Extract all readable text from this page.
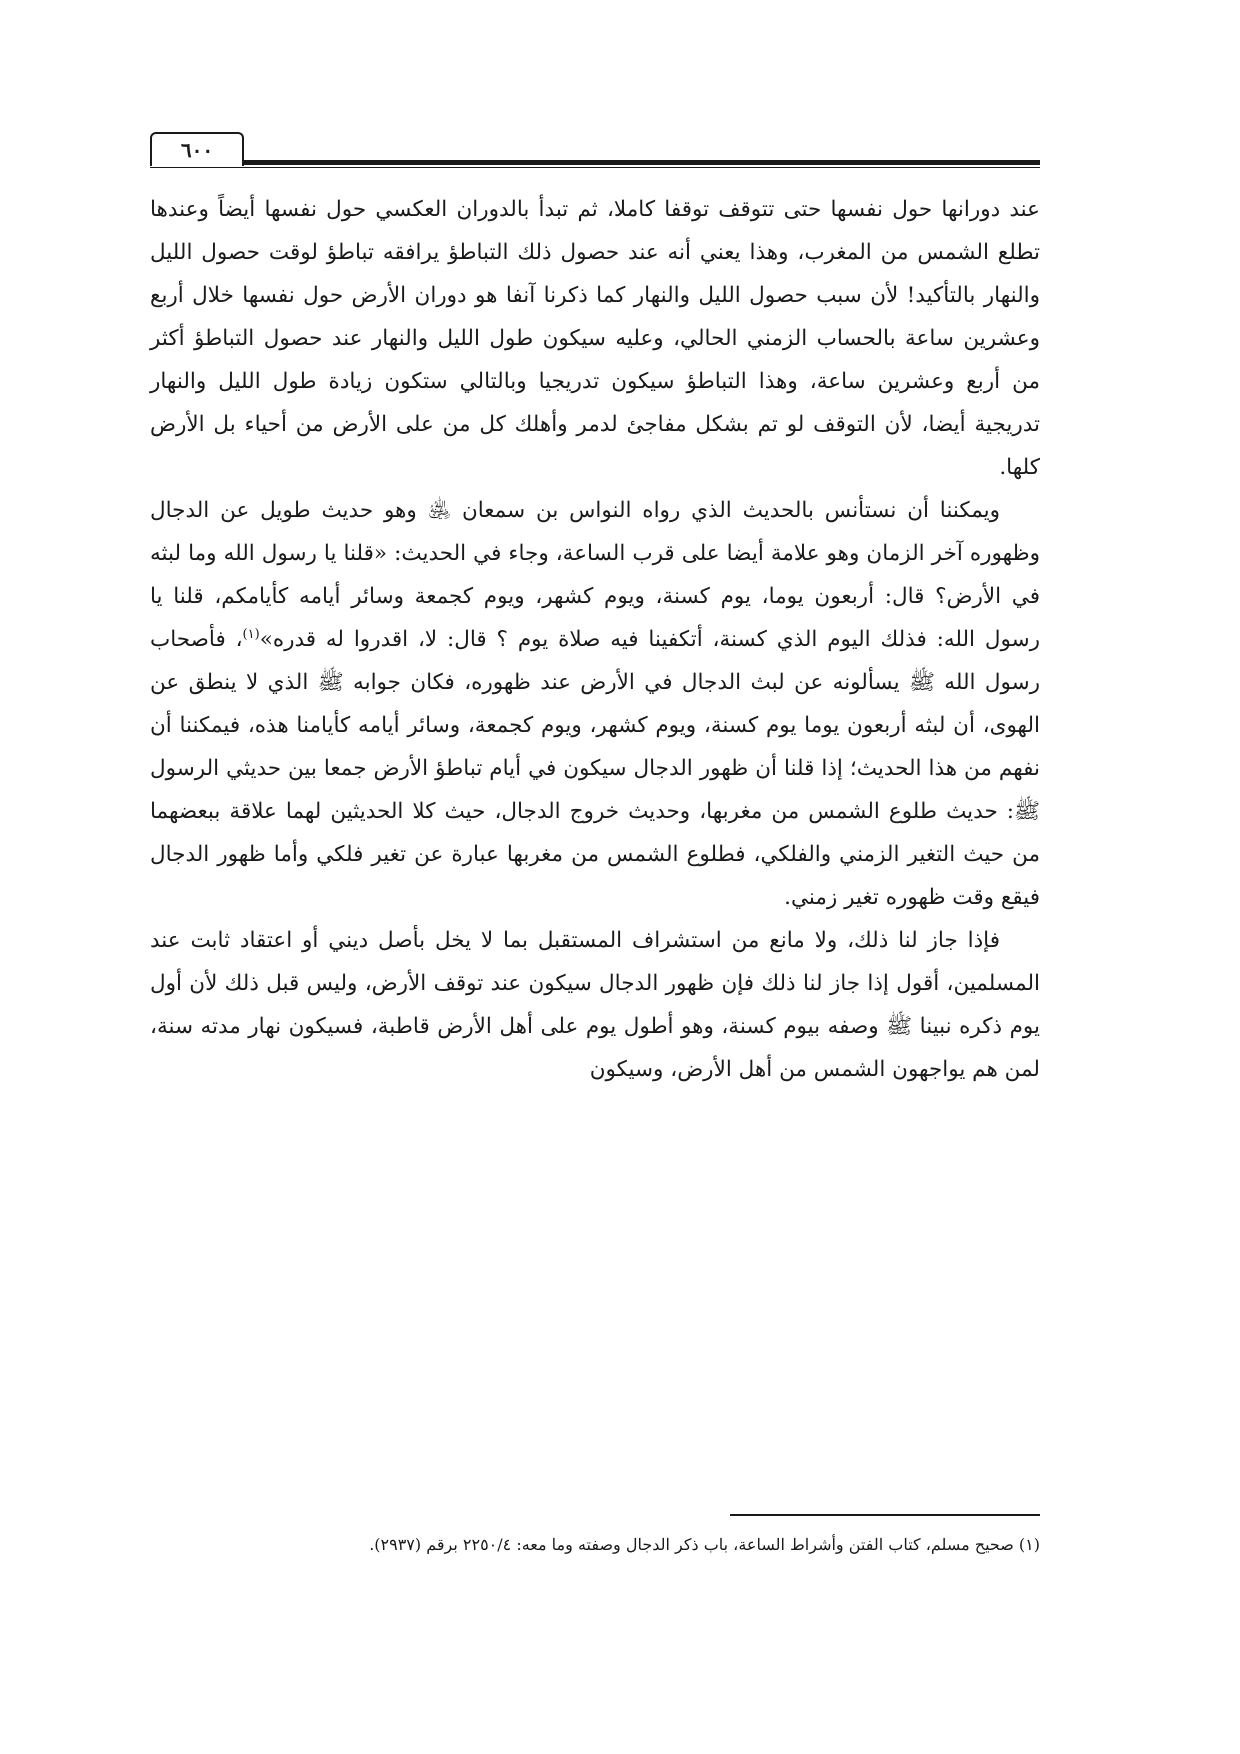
٦٠٠

عند دورانها حول نفسها حتى تتوقف توقفا كاملا، ثم تبدأ بالدوران العكسي حول نفسها أيضاً وعندها تطلع الشمس من المغرب، وهذا يعني أنه عند حصول ذلك التباطؤ يرافقه تباطؤ لوقت حصول الليل والنهار بالتأكيد! لأن سبب حصول الليل والنهار كما ذكرنا آنفا هو دوران الأرض حول نفسها خلال أربع وعشرين ساعة بالحساب الزمني الحالي، وعليه سيكون طول الليل والنهار عند حصول التباطؤ أكثر من أربع وعشرين ساعة، وهذا التباطؤ سيكون تدريجيا وبالتالي ستكون زيادة طول الليل والنهار تدريجية أيضا، لأن التوقف لو تم بشكل مفاجئ لدمر وأهلك كل من على الأرض من أحياء بل الأرض كلها.

ويمكننا أن نستأنس بالحديث الذي رواه النواس بن سمعان ﵁ وهو حديث طويل عن الدجال وظهوره آخر الزمان وهو علامة أيضا على قرب الساعة، وجاء في الحديث: «قلنا يا رسول الله وما لبثه في الأرض؟ قال: أربعون يوما، يوم كسنة، ويوم كشهر، ويوم كجمعة وسائر أيامه كأيامكم، قلنا يا رسول الله: فذلك اليوم الذي كسنة، أتكفينا فيه صلاة يوم ؟ قال: لا، اقدروا له قدره»$^{(١)}$، فأصحاب رسول الله ﷺ يسألونه عن لبث الدجال في الأرض عند ظهوره، فكان جوابه ﷺ الذي لا ينطق عن الهوى، أن لبثه أربعون يوما يوم كسنة، ويوم كشهر، ويوم كجمعة، وسائر أيامه كأيامنا هذه، فيمكننا أن نفهم من هذا الحديث؛ إذا قلنا أن ظهور الدجال سيكون في أيام تباطؤ الأرض جمعا بين حديثي الرسول ﷺ: حديث طلوع الشمس من مغربها، وحديث خروج الدجال، حيث كلا الحديثين لهما علاقة ببعضهما من حيث التغير الزمني والفلكي، فطلوع الشمس من مغربها عبارة عن تغير فلكي وأما ظهور الدجال فيقع وقت ظهوره تغير زمني.

فإذا جاز لنا ذلك، ولا مانع من استشراف المستقبل بما لا يخل بأصل ديني أو اعتقاد ثابت عند المسلمين، أقول إذا جاز لنا ذلك فإن ظهور الدجال سيكون عند توقف الأرض، وليس قبل ذلك لأن أول يوم ذكره نبينا ﷺ وصفه بيوم كسنة، وهو أطول يوم على أهل الأرض قاطبة، فسيكون نهار مدته سنة، لمن هم يواجهون الشمس من أهل الأرض، وسيكون

(١) صحيح مسلم، كتاب الفتن وأشراط الساعة، باب ذكر الدجال وصفته وما معه: ٢٢٥٠/٤ برقم (٢٩٣٧).
